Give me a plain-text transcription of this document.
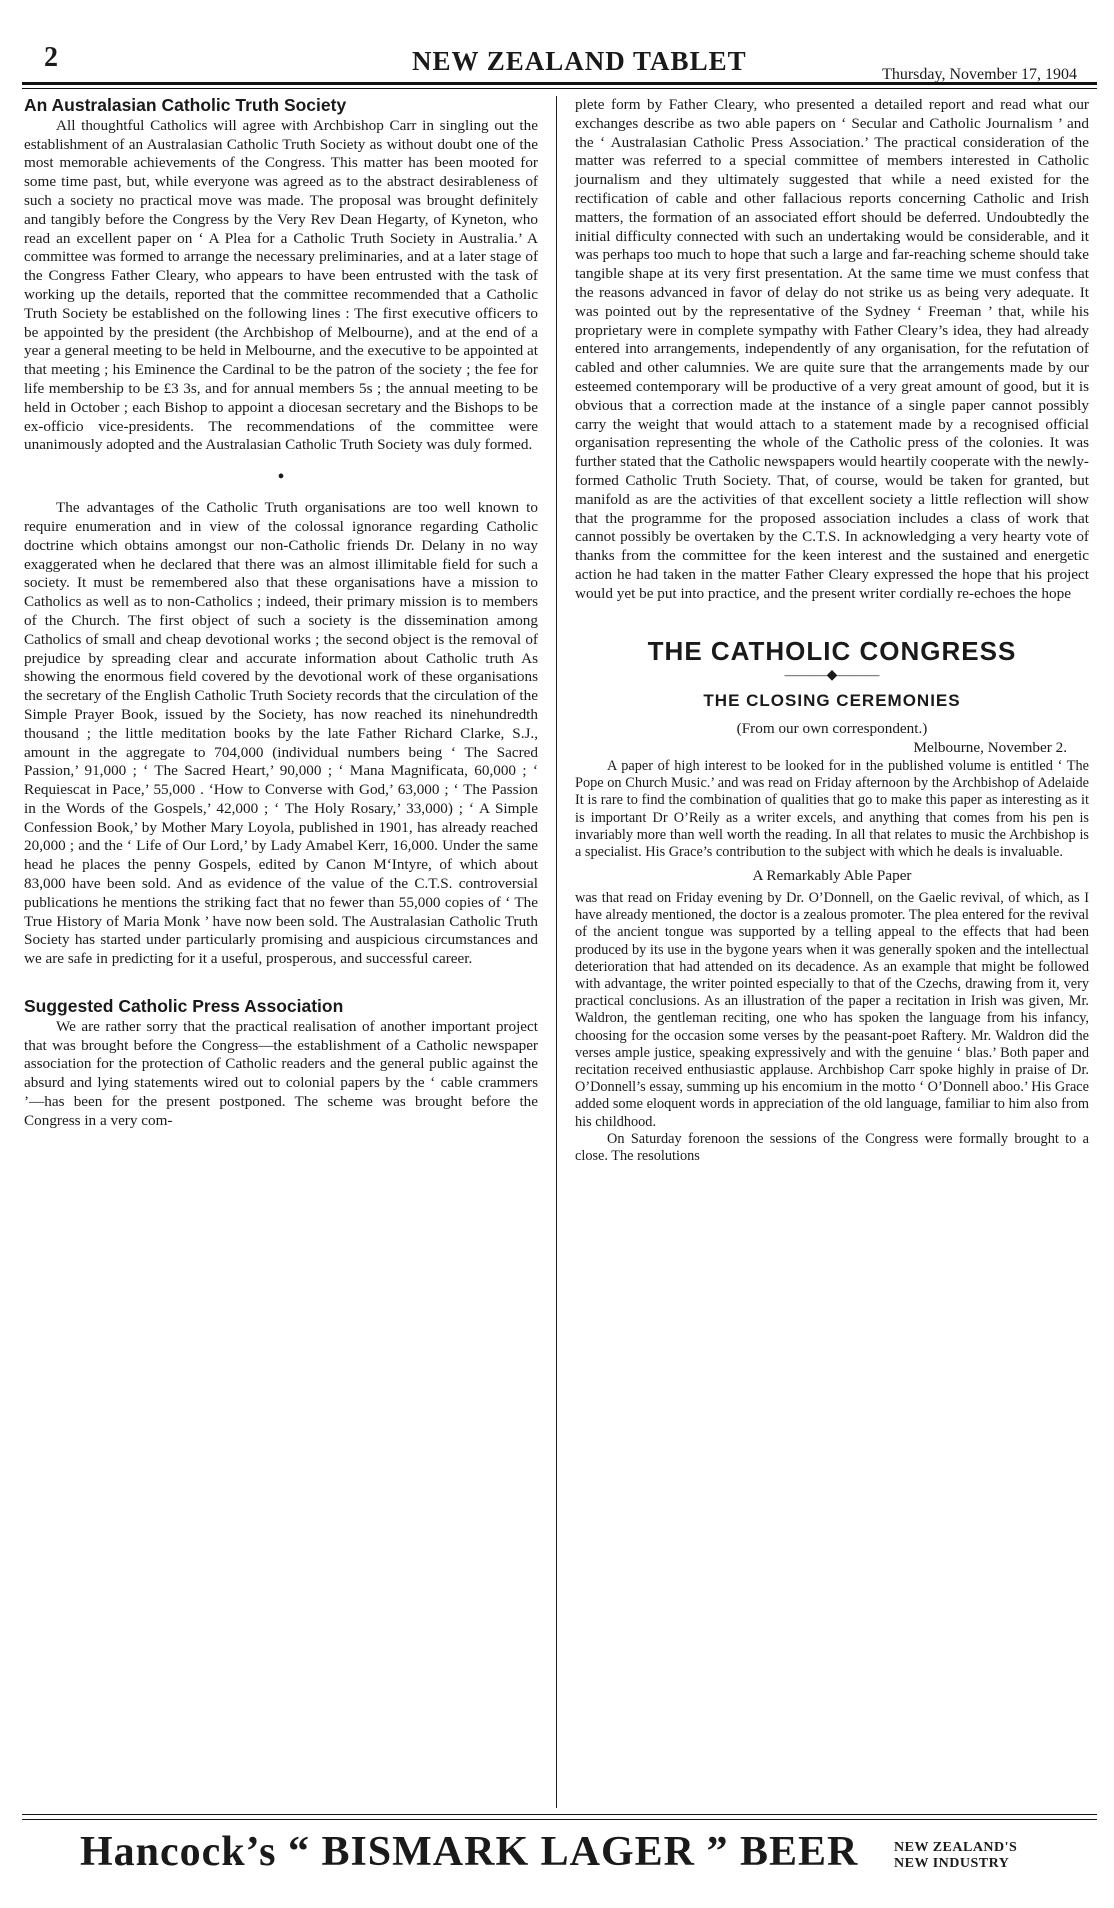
2	NEW ZEALAND TABLET	Thursday, November 17, 1904
An Australasian Catholic Truth Society

All thoughtful Catholics will agree with Archbishop Carr in singling out the establishment of an Australasian Catholic Truth Society as without doubt one of the most memorable achievements of the Congress. This matter has been mooted for some time past, but, while everyone was agreed as to the abstract desirableness of such a society no practical move was made. The proposal was brought definitely and tangibly before the Congress by the Very Rev Dean Hegarty, of Kyneton, who read an excellent paper on ‘ A Plea for a Catholic Truth Society in Australia.’ A committee was formed to arrange the necessary preliminaries, and at a later stage of the Congress Father Cleary, who appears to have been entrusted with the task of working up the details, reported that the committee recommended that a Catholic Truth Society be established on the following lines : The first executive officers to be appointed by the president (the Archbishop of Melbourne), and at the end of a year a general meeting to be held in Melbourne, and the executive to be appointed at that meeting ; his Eminence the Cardinal to be the patron of the society ; the fee for life membership to be £3 3s, and for annual members 5s ; the annual meeting to be held in October ; each Bishop to appoint a diocesan secretary and the Bishops to be ex-officio vice-presidents. The recommendations of the committee were unanimously adopted and the Australasian Catholic Truth Society was duly formed.

•

The advantages of the Catholic Truth organisations are too well known to require enumeration and in view of the colossal ignorance regarding Catholic doctrine which obtains amongst our non-Catholic friends Dr. Delany in no way exaggerated when he declared that there was an almost illimitable field for such a society. It must be remembered also that these organisations have a mission to Catholics as well as to non-Catholics ; indeed, their primary mission is to members of the Church. The first object of such a society is the dissemination among Catholics of small and cheap devotional works ; the second object is the removal of prejudice by spreading clear and accurate information about Catholic truth As showing the enormous field covered by the devotional work of these organisations the secretary of the English Catholic Truth Society records that the circulation of the Simple Prayer Book, issued by the Society, has now reached its ninehundredth thousand ; the little meditation books by the late Father Richard Clarke, S.J., amount in the aggregate to 704,000 (individual numbers being ‘ The Sacred Passion,’ 91,000 ; ‘ The Sacred Heart,’ 90,000 ; ‘ Mana Magnificata, 60,000 ; ‘ Requiescat in Pace,’ 55,000 . ‘How to Converse with God,’ 63,000 ; ‘ The Passion in the Words of the Gospels,’ 42,000 ; ‘ The Holy Rosary,’ 33,000) ; ‘ A Simple Confession Book,’ by Mother Mary Loyola, published in 1901, has already reached 20,000 ; and the ‘ Life of Our Lord,’ by Lady Amabel Kerr, 16,000. Under the same head he places the penny Gospels, edited by Canon M‘Intyre, of which about 83,000 have been sold. And as evidence of the value of the C.T.S. controversial publications he mentions the striking fact that no fewer than 55,000 copies of ‘ The True History of Maria Monk ’ have now been sold. The Australasian Catholic Truth Society has started under particularly promising and auspicious circumstances and we are safe in predicting for it a useful, prosperous, and successful career.

Suggested Catholic Press Association

We are rather sorry that the practical realisation of another important project that was brought before the Congress—the establishment of a Catholic newspaper association for the protection of Catholic readers and the general public against the absurd and lying statements wired out to colonial papers by the ‘ cable crammers ’—has been for the present postponed. The scheme was brought before the Congress in a very com-

plete form by Father Cleary, who presented a detailed report and read what our exchanges describe as two able papers on ‘ Secular and Catholic Journalism ’ and the ‘ Australasian Catholic Press Association.’ The practical consideration of the matter was referred to a special committee of members interested in Catholic journalism and they ultimately suggested that while a need existed for the rectification of cable and other fallacious reports concerning Catholic and Irish matters, the formation of an associated effort should be deferred. Undoubtedly the initial difficulty connected with such an undertaking would be considerable, and it was perhaps too much to hope that such a large and far-reaching scheme should take tangible shape at its very first presentation. At the same time we must confess that the reasons advanced in favor of delay do not strike us as being very adequate. It was pointed out by the representative of the Sydney ‘ Freeman ’ that, while his proprietary were in complete sympathy with Father Cleary’s idea, they had already entered into arrangements, independently of any organisation, for the refutation of cabled and other calumnies. We are quite sure that the arrangements made by our esteemed contemporary will be productive of a very great amount of good, but it is obvious that a correction made at the instance of a single paper cannot possibly carry the weight that would attach to a statement made by a recognised official organisation representing the whole of the Catholic press of the colonies. It was further stated that the Catholic newspapers would heartily cooperate with the newly-formed Catholic Truth Society. That, of course, would be taken for granted, but manifold as are the activities of that excellent society a little reflection will show that the programme for the proposed association includes a class of work that cannot possibly be overtaken by the C.T.S. In acknowledging a very hearty vote of thanks from the committee for the keen interest and the sustained and energetic action he had taken in the matter Father Cleary expressed the hope that his project would yet be put into practice, and the present writer cordially re-echoes the hope

THE CATHOLIC CONGRESS
———◆———
THE CLOSING CEREMONIES
(From our own correspondent.)
Melbourne, November 2.

A paper of high interest to be looked for in the published volume is entitled ‘ The Pope on Church Music.’ and was read on Friday afternoon by the Archbishop of Adelaide It is rare to find the combination of qualities that go to make this paper as interesting as it is important Dr O’Reily as a writer excels, and anything that comes from his pen is invariably more than well worth the reading. In all that relates to music the Archbishop is a specialist. His Grace’s contribution to the subject with which he deals is invaluable.

A Remarkably Able Paper

was that read on Friday evening by Dr. O’Donnell, on the Gaelic revival, of which, as I have already mentioned, the doctor is a zealous promoter. The plea entered for the revival of the ancient tongue was supported by a telling appeal to the effects that had been produced by its use in the bygone years when it was generally spoken and the intellectual deterioration that had attended on its decadence. As an example that might be followed with advantage, the writer pointed especially to that of the Czechs, drawing from it, very practical conclusions. As an illustration of the paper a recitation in Irish was given, Mr. Waldron, the gentleman reciting, one who has spoken the language from his infancy, choosing for the occasion some verses by the peasant-poet Raftery. Mr. Waldron did the verses ample justice, speaking expressively and with the genuine ‘ blas.’ Both paper and recitation received enthusiastic applause. Archbishop Carr spoke highly in praise of Dr. O’Donnell’s essay, summing up his encomium in the motto ‘ O’Donnell aboo.’ His Grace added some eloquent words in appreciation of the old language, familiar to him also from his childhood.

On Saturday forenoon the sessions of the Congress were formally brought to a close. The resolutions

Hancock’s “ BISMARK LAGER ” BEER	NEW ZEALAND'S
NEW INDUSTRY
